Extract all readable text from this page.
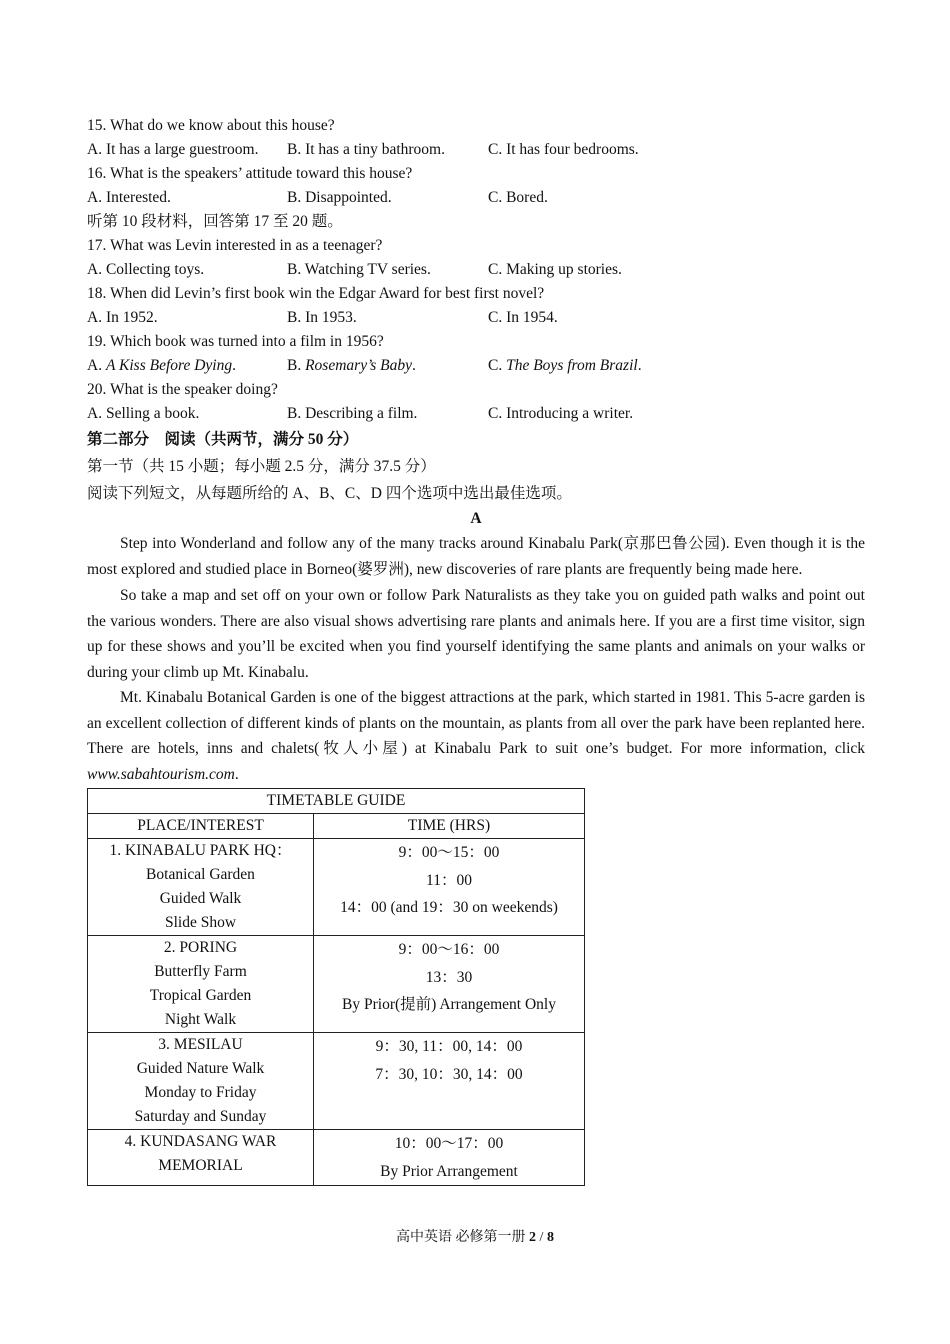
15. What do we know about this house?
A. It has a large guestroom.	B. It has a tiny bathroom.	C. It has four bedrooms.
16. What is the speakers’ attitude toward this house?
A. Interested.	B. Disappointed.	C. Bored.
听第 10 段材料，回答第 17 至 20 题。
17. What was Levin interested in as a teenager?
A. Collecting toys.	B. Watching TV series.	C. Making up stories.
18. When did Levin’s first book win the Edgar Award for best first novel?
A. In 1952.	B. In 1953.	C. In 1954.
19. Which book was turned into a film in 1956?
A. A Kiss Before Dying.	B. Rosemary’s Baby.	C. The Boys from Brazil.
20. What is the speaker doing?
A. Selling a book.	B. Describing a film.	C. Introducing a writer.
第二部分　阅读（共两节，满分 50 分）
第一节（共 15 小题；每小题 2.5 分，满分 37.5 分）
阅读下列短文，从每题所给的 A、B、C、D 四个选项中选出最佳选项。
A

Step into Wonderland and follow any of the many tracks around Kinabalu Park(京那巴鲁公园). Even though it is the most explored and studied place in Borneo(婆罗洲), new discoveries of rare plants are frequently being made here.

So take a map and set off on your own or follow Park Naturalists as they take you on guided path walks and point out the various wonders. There are also visual shows advertising rare plants and animals here. If you are a first time visitor, sign up for these shows and you’ll be excited when you find yourself identifying the same plants and animals on your walks or during your climb up Mt. Kinabalu.

Mt. Kinabalu Botanical Garden is one of the biggest attractions at the park, which started in 1981. This 5-acre garden is an excellent collection of different kinds of plants on the mountain, as plants from all over the park have been replanted here. There are hotels, inns and chalets(牧人小屋) at Kinabalu Park to suit one’s budget. For more information, click www.sabahtourism.com.

TIMETABLE GUIDE	
PLACE/INTEREST	TIME (HRS)

1. KINABALU PARK HQ：
Botanical Garden
Guided Walk
Slide Show	9：00～15：00
11：00
14：00 (and 19：30 on weekends)

2. PORING
Butterfly Farm
Tropical Garden
Night Walk	9：00～16：00
13：30
By Prior(提前) Arrangement Only

3. MESILAU
Guided Nature Walk
Monday to Friday
Saturday and Sunday	9：30, 11：00, 14：00
7：30, 10：30, 14：00

4. KUNDASANG WAR
MEMORIAL	10：00～17：00
By Prior Arrangement
高中英语 必修第一册 2 / 8
